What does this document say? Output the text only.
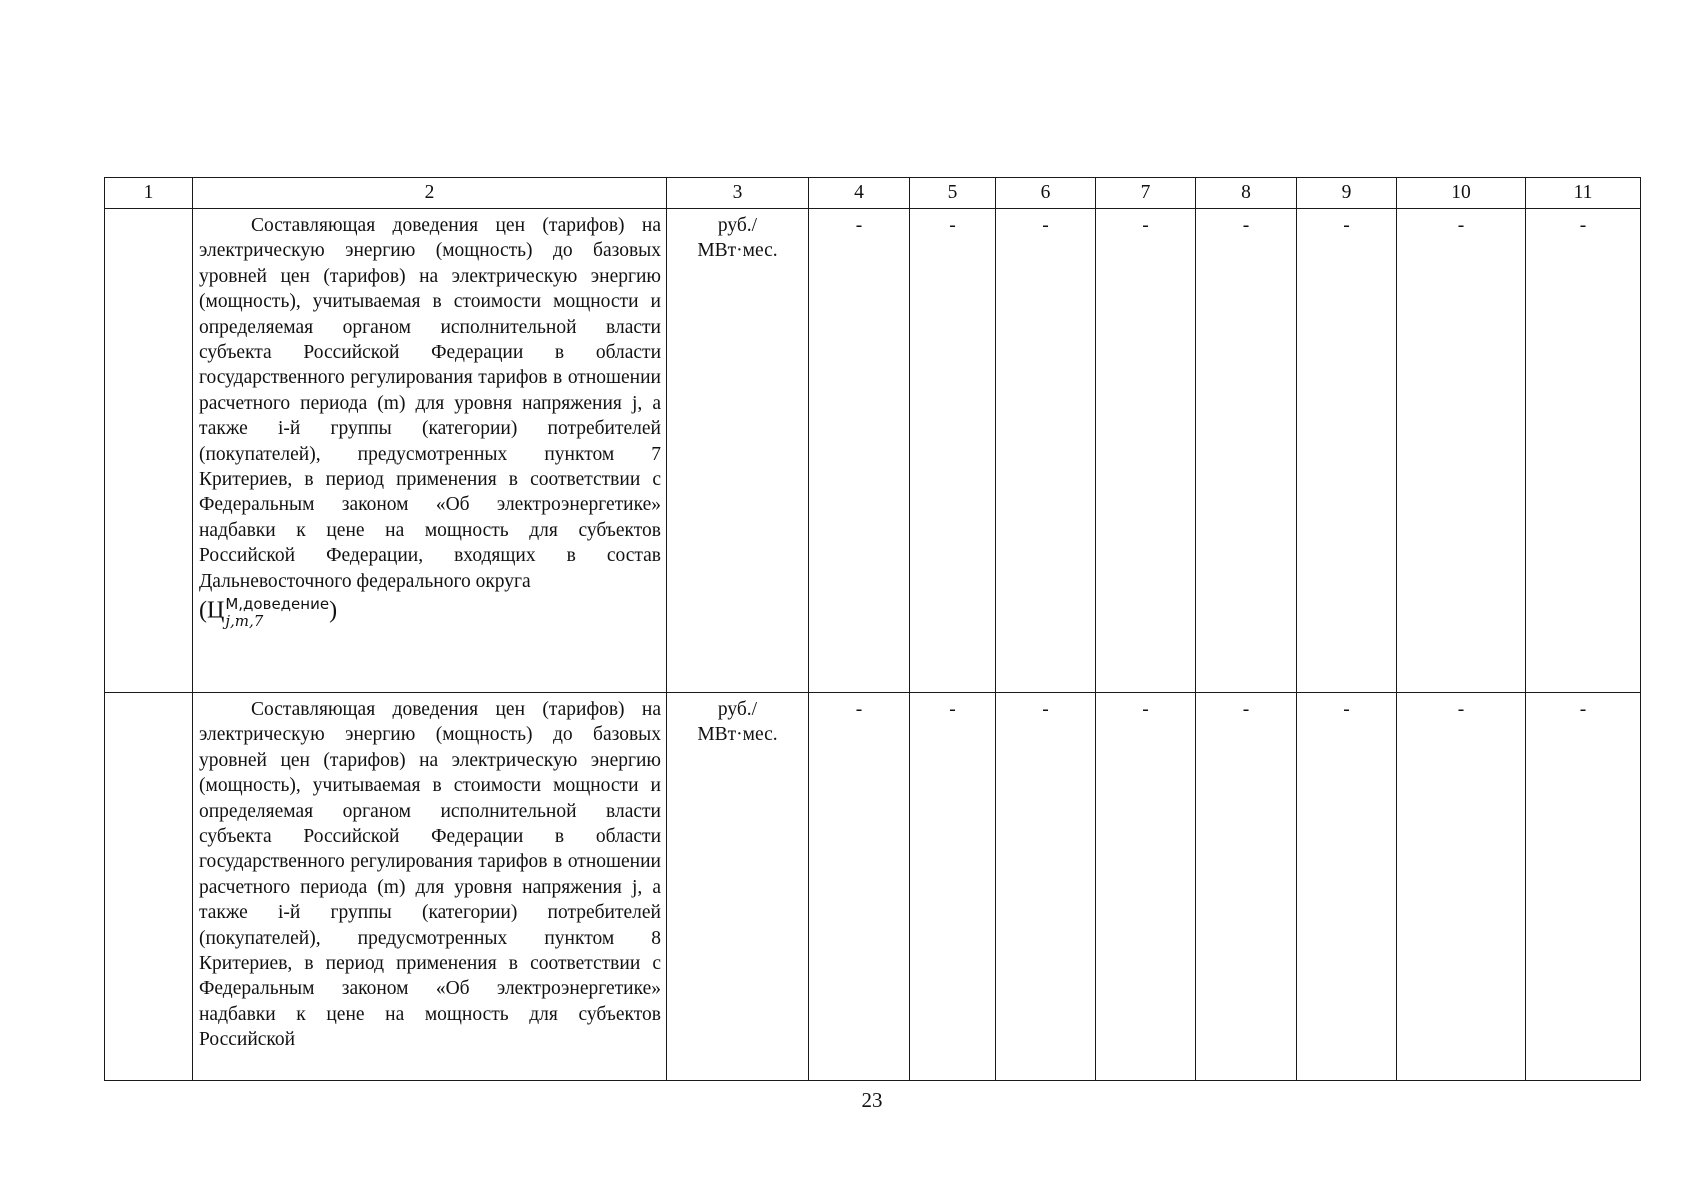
1	2	3	4	5	6	7	8	9	10	11

	Составляющая доведения цен (тарифов) на электрическую энергию (мощность) до базовых уровней цен (тарифов) на электрическую энергию (мощность), учитываемая в стоимости мощности и определяемая органом исполнительной власти субъекта Российской Федерации в области государственного регулирования тарифов в отношении расчетного периода (m) для уровня напряжения j, а также i-й группы (категории) потребителей (покупателей), предусмотренных пунктом 7 Критериев, в период применения в соответствии с Федеральным законом «Об электроэнергетике» надбавки к цене на мощность для субъектов Российской Федерации, входящих в состав Дальневосточного федерального округа

(Ц М,доведение
j,m,7 )	руб./
МВт·мес.	-	-	-	-	-	-	-	-

	Составляющая доведения цен (тарифов) на электрическую энергию (мощность) до базовых уровней цен (тарифов) на электрическую энергию (мощность), учитываемая в стоимости мощности и определяемая органом исполнительной власти субъекта Российской Федерации в области государственного регулирования тарифов в отношении расчетного периода (m) для уровня напряжения j, а также i-й группы (категории) потребителей (покупателей), предусмотренных пунктом 8 Критериев, в период применения в соответствии с Федеральным законом «Об электроэнергетике» надбавки к цене на мощность для субъектов Российской	руб./
МВт·мес.	-	-	-	-	-	-	-	-
23
